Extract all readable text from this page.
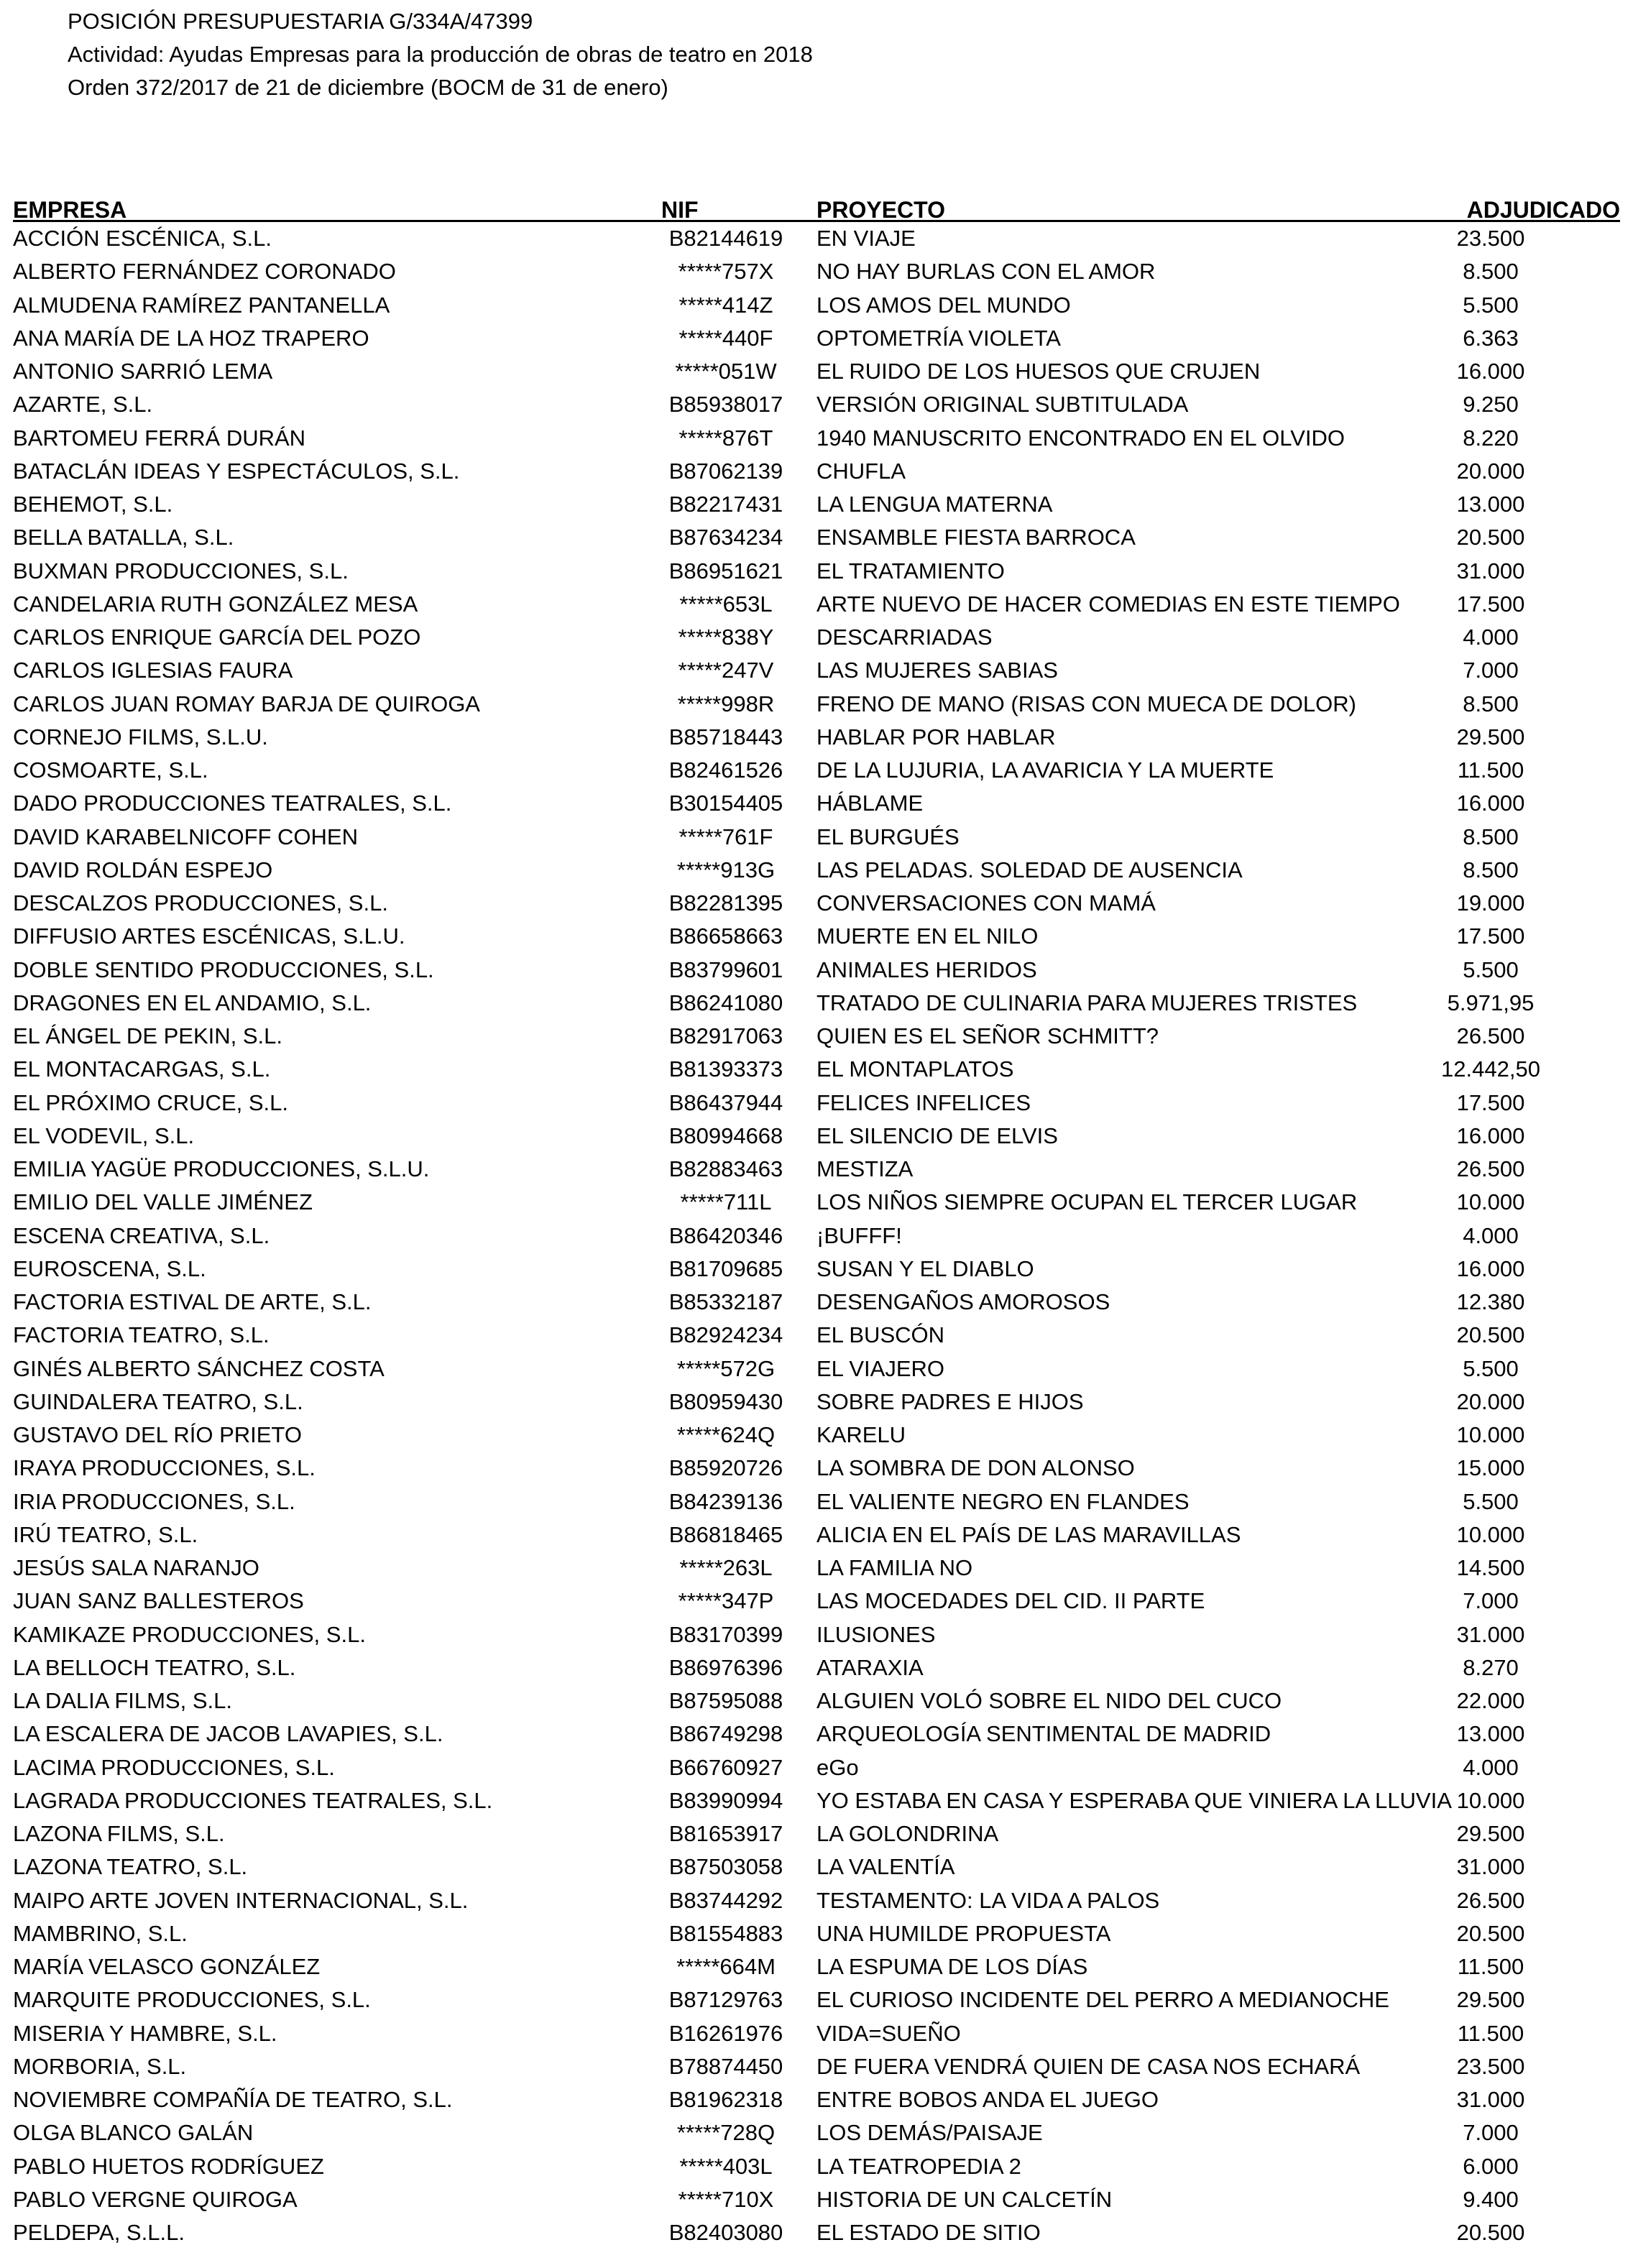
POSICIÓN PRESUPUESTARIA G/334A/47399
Actividad: Ayudas Empresas para la producción de obras de teatro en 2018
Orden 372/2017 de 21 de diciembre (BOCM de 31 de enero)
EMPRESA	NIF	PROYECTO	ADJUDICADO
ACCIÓN ESCÉNICA, S.L.	B82144619	EN VIAJE	23.500
ALBERTO FERNÁNDEZ CORONADO	*****757X	NO HAY BURLAS CON EL AMOR	8.500
ALMUDENA RAMÍREZ PANTANELLA	*****414Z	LOS AMOS DEL MUNDO	5.500
ANA MARÍA DE LA HOZ TRAPERO	*****440F	OPTOMETRÍA VIOLETA	6.363
ANTONIO SARRIÓ LEMA	*****051W	EL RUIDO DE LOS HUESOS QUE CRUJEN	16.000
AZARTE, S.L.	B85938017	VERSIÓN ORIGINAL SUBTITULADA	9.250
BARTOMEU FERRÁ DURÁN	*****876T	1940 MANUSCRITO ENCONTRADO EN EL OLVIDO	8.220
BATACLÁN IDEAS Y ESPECTÁCULOS, S.L.	B87062139	CHUFLA	20.000
BEHEMOT, S.L.	B82217431	LA LENGUA MATERNA	13.000
BELLA BATALLA, S.L.	B87634234	ENSAMBLE FIESTA BARROCA	20.500
BUXMAN PRODUCCIONES, S.L.	B86951621	EL TRATAMIENTO	31.000
CANDELARIA RUTH GONZÁLEZ MESA	*****653L	ARTE NUEVO DE HACER COMEDIAS EN ESTE TIEMPO	17.500
CARLOS ENRIQUE GARCÍA DEL POZO	*****838Y	DESCARRIADAS	4.000
CARLOS IGLESIAS FAURA	*****247V	LAS MUJERES SABIAS	7.000
CARLOS JUAN ROMAY BARJA DE QUIROGA	*****998R	FRENO DE MANO (RISAS CON MUECA DE DOLOR)	8.500
CORNEJO FILMS, S.L.U.	B85718443	HABLAR POR HABLAR	29.500
COSMOARTE, S.L.	B82461526	DE LA LUJURIA, LA AVARICIA Y LA MUERTE	11.500
DADO PRODUCCIONES TEATRALES, S.L.	B30154405	HÁBLAME	16.000
DAVID KARABELNICOFF COHEN	*****761F	EL BURGUÉS	8.500
DAVID ROLDÁN ESPEJO	*****913G	LAS PELADAS. SOLEDAD DE AUSENCIA	8.500
DESCALZOS PRODUCCIONES, S.L.	B82281395	CONVERSACIONES CON MAMÁ	19.000
DIFFUSIO ARTES ESCÉNICAS, S.L.U.	B86658663	MUERTE EN EL NILO	17.500
DOBLE SENTIDO PRODUCCIONES, S.L.	B83799601	ANIMALES HERIDOS	5.500
DRAGONES EN EL ANDAMIO, S.L.	B86241080	TRATADO DE CULINARIA PARA MUJERES TRISTES	5.971,95
EL ÁNGEL DE PEKIN, S.L.	B82917063	QUIEN ES EL SEÑOR SCHMITT?	26.500
EL MONTACARGAS, S.L.	B81393373	EL MONTAPLATOS	12.442,50
EL PRÓXIMO CRUCE, S.L.	B86437944	FELICES INFELICES	17.500
EL VODEVIL, S.L.	B80994668	EL SILENCIO DE ELVIS	16.000
EMILIA YAGÜE PRODUCCIONES, S.L.U.	B82883463	MESTIZA	26.500
EMILIO DEL VALLE JIMÉNEZ	*****711L	LOS NIÑOS SIEMPRE OCUPAN EL TERCER LUGAR	10.000
ESCENA CREATIVA, S.L.	B86420346	¡BUFFF!	4.000
EUROSCENA, S.L.	B81709685	SUSAN Y EL DIABLO	16.000
FACTORIA ESTIVAL DE ARTE, S.L.	B85332187	DESENGAÑOS AMOROSOS	12.380
FACTORIA TEATRO, S.L.	B82924234	EL BUSCÓN	20.500
GINÉS ALBERTO SÁNCHEZ COSTA	*****572G	EL VIAJERO	5.500
GUINDALERA TEATRO, S.L.	B80959430	SOBRE PADRES E HIJOS	20.000
GUSTAVO DEL RÍO PRIETO	*****624Q	KARELU	10.000
IRAYA PRODUCCIONES, S.L.	B85920726	LA SOMBRA DE DON ALONSO	15.000
IRIA PRODUCCIONES, S.L.	B84239136	EL VALIENTE NEGRO EN FLANDES	5.500
IRÚ TEATRO, S.L.	B86818465	ALICIA EN EL PAÍS DE LAS MARAVILLAS	10.000
JESÚS SALA NARANJO	*****263L	LA FAMILIA NO	14.500
JUAN SANZ BALLESTEROS	*****347P	LAS MOCEDADES DEL CID. II PARTE	7.000
KAMIKAZE PRODUCCIONES, S.L.	B83170399	ILUSIONES	31.000
LA BELLOCH TEATRO, S.L.	B86976396	ATARAXIA	8.270
LA DALIA FILMS, S.L.	B87595088	ALGUIEN VOLÓ SOBRE EL NIDO DEL CUCO	22.000
LA ESCALERA DE JACOB LAVAPIES, S.L.	B86749298	ARQUEOLOGÍA SENTIMENTAL DE MADRID	13.000
LACIMA PRODUCCIONES, S.L.	B66760927	eGo	4.000
LAGRADA PRODUCCIONES TEATRALES, S.L.	B83990994	YO ESTABA EN CASA Y ESPERABA QUE VINIERA LA LLUVIA 10.000
LAZONA FILMS, S.L.	B81653917	LA GOLONDRINA	29.500
LAZONA TEATRO, S.L.	B87503058	LA VALENTÍA	31.000
MAIPO ARTE JOVEN INTERNACIONAL, S.L.	B83744292	TESTAMENTO: LA VIDA A PALOS	26.500
MAMBRINO, S.L.	B81554883	UNA HUMILDE PROPUESTA	20.500
MARÍA VELASCO GONZÁLEZ	*****664M	LA ESPUMA DE LOS DÍAS	11.500
MARQUITE PRODUCCIONES, S.L.	B87129763	EL CURIOSO INCIDENTE DEL PERRO A MEDIANOCHE	29.500
MISERIA Y HAMBRE, S.L.	B16261976	VIDA=SUEÑO	11.500
MORBORIA, S.L.	B78874450	DE FUERA VENDRÁ QUIEN DE CASA NOS ECHARÁ	23.500
NOVIEMBRE COMPAÑÍA DE TEATRO, S.L.	B81962318	ENTRE BOBOS ANDA EL JUEGO	31.000
OLGA BLANCO GALÁN	*****728Q	LOS DEMÁS/PAISAJE	7.000
PABLO HUETOS RODRÍGUEZ	*****403L	LA TEATROPEDIA 2	6.000
PABLO VERGNE QUIROGA	*****710X	HISTORIA DE UN CALCETÍN	9.400
PELDEPA, S.L.L.	B82403080	EL ESTADO DE SITIO	20.500
